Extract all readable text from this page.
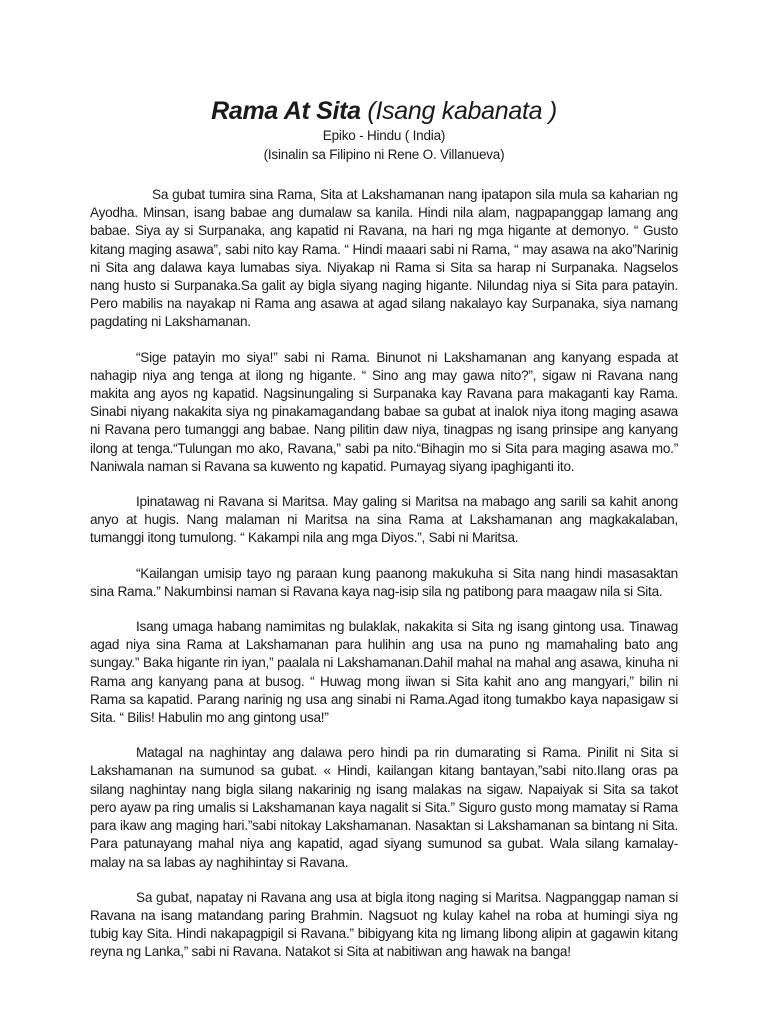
Rama At Sita (Isang kabanata )
Epiko - Hindu ( India)
(Isinalin sa Filipino ni Rene O. Villanueva)

Sa gubat tumira sina Rama, Sita at Lakshamanan nang ipatapon sila mula sa kaharian ng Ayodha. Minsan, isang babae ang dumalaw sa kanila. Hindi nila alam, nagpapanggap lamang ang babae. Siya ay si Surpanaka, ang kapatid ni Ravana, na hari ng mga higante at demonyo. “ Gusto kitang maging asawa”, sabi nito kay Rama. “ Hindi maaari sabi ni Rama, “ may asawa na ako”Narinig ni Sita ang dalawa kaya lumabas siya. Niyakap ni Rama si Sita sa harap ni Surpanaka. Nagselos nang husto si Surpanaka.Sa galit ay bigla siyang naging higante. Nilundag niya si Sita para patayin. Pero mabilis na nayakap ni Rama ang asawa at agad silang nakalayo kay Surpanaka, siya namang pagdating ni Lakshamanan.

“Sige patayin mo siya!” sabi ni Rama. Binunot ni Lakshamanan ang kanyang espada at nahagip niya ang tenga at ilong ng higante. “ Sino ang may gawa nito?”, sigaw ni Ravana nang makita ang ayos ng kapatid. Nagsinungaling si Surpanaka kay Ravana para makaganti kay Rama. Sinabi niyang nakakita siya ng pinakamagandang babae sa gubat at inalok niya itong maging asawa ni Ravana pero tumanggi ang babae. Nang pilitin daw niya, tinagpas ng isang prinsipe ang kanyang ilong at tenga.“Tulungan mo ako, Ravana,” sabi pa nito.“Bihagin mo si Sita para maging asawa mo.” Naniwala naman si Ravana sa kuwento ng kapatid. Pumayag siyang ipaghiganti ito.

Ipinatawag ni Ravana si Maritsa. May galing si Maritsa na mabago ang sarili sa kahit anong anyo at hugis. Nang malaman ni Maritsa na sina Rama at Lakshamanan ang magkakalaban, tumanggi itong tumulong. “ Kakampi nila ang mga Diyos.”, Sabi ni Maritsa.

“Kailangan umisip tayo ng paraan kung paanong makukuha si Sita nang hindi masasaktan sina Rama.” Nakumbinsi naman si Ravana kaya nag-isip sila ng patibong para maagaw nila si Sita.

Isang umaga habang namimitas ng bulaklak, nakakita si Sita ng isang gintong usa. Tinawag agad niya sina Rama at Lakshamanan para hulihin ang usa na puno ng mamahaling bato ang sungay.” Baka higante rin iyan,” paalala ni Lakshamanan.Dahil mahal na mahal ang asawa, kinuha ni Rama ang kanyang pana at busog. “ Huwag mong iiwan si Sita kahit ano ang mangyari,” bilin ni Rama sa kapatid. Parang narinig ng usa ang sinabi ni Rama.Agad itong tumakbo kaya napasigaw si Sita. “ Bilis! Habulin mo ang gintong usa!”

Matagal na naghintay ang dalawa pero hindi pa rin dumarating si Rama. Pinilit ni Sita si Lakshamanan na sumunod sa gubat. « Hindi, kailangan kitang bantayan,”sabi nito.Ilang oras pa silang naghintay nang bigla silang nakarinig ng isang malakas na sigaw. Napaiyak si Sita sa takot pero ayaw pa ring umalis si Lakshamanan kaya nagalit si Sita.” Siguro gusto mong mamatay si Rama para ikaw ang maging hari.”sabi nitokay Lakshamanan. Nasaktan si Lakshamanan sa bintang ni Sita. Para patunayang mahal niya ang kapatid, agad siyang sumunod sa gubat. Wala silang kamalay-malay na sa labas ay naghihintay si Ravana.

Sa gubat, napatay ni Ravana ang usa at bigla itong naging si Maritsa. Nagpanggap naman si Ravana na isang matandang paring Brahmin. Nagsuot ng kulay kahel na roba at humingi siya ng tubig kay Sita. Hindi nakapagpigil si Ravana.” bibigyang kita ng limang libong alipin at gagawin kitang reyna ng Lanka,” sabi ni Ravana. Natakot si Sita at nabitiwan ang hawak na banga!
